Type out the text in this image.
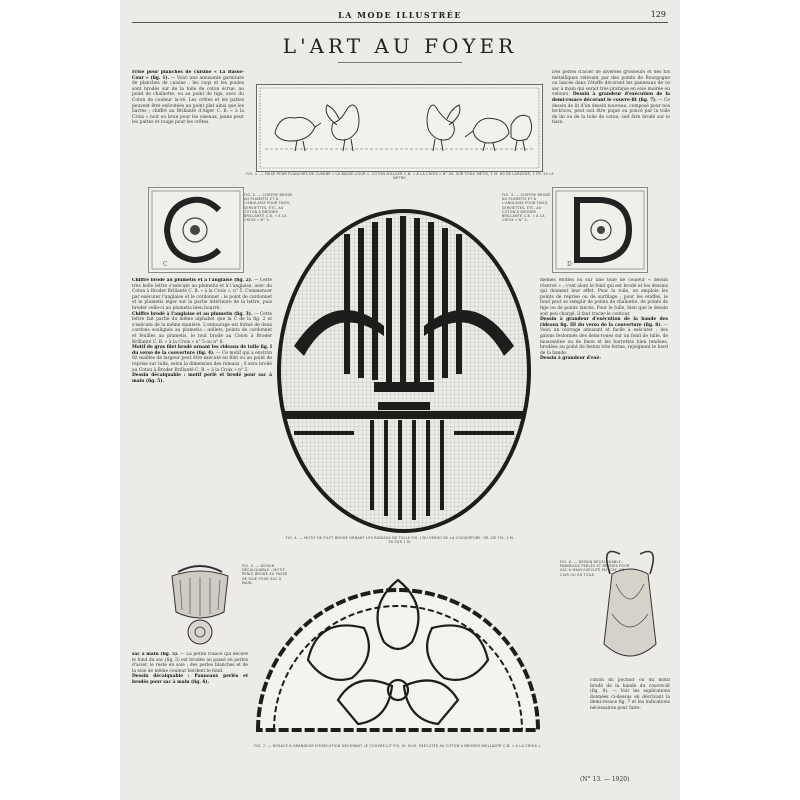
LA MODE ILLUSTRÉE	129
L'ART AU FOYER
Frise pour planches de cuisine « La Basse-Cour » (fig. 1). — Voici une amusante garniture de planches de cuisine ; les coqs et les poules sont brodés sur de la toile de coton écrue, au point de chaînette, ou au point de tige, avec du Coton de couleur la-vé. Les crêtes et les pattes peuvent être exécutées au point plat ainsi que les barres ; chiffré au Brillanté d'Alger C. B. « à la Croix » noir ou brun pour les oiseaux, jaune pour les pattes et rouge pour les crêtes.
Des perles d'acier de diverses grosseurs et des fils métalliques relevant par des points de Bourgogne ou lancés dans l'étoffe décorent les panneaux de ce sac à main qui serait très pratique en soie moirée ou velours. Dessin à grandeur d'exécution de la demi-rosace décorant le couvre-lit (fig. 7). — Ce dessin de lit d'un dessin nouveau, composé pour nos lectrices, peut soit être piqué ou poncé par la toile de lin ou de la toile de coton, soit être brodé sur le tissu.
FIG. 1. — FRISE POUR PLANCHES DE CUISINE « LA BASSE-COUR ». COTON D'ALGER C.B. « À LA CROIX » N° 40. SUR TOILE MÉTIS, 1 M. 60 DE LARGEUR, 1 FR. 50 LE MÈTRE.
C
FIG. 2. — CHIFFRE BRODÉ AU PLUMETIS ET À L'ANGLAISE POUR TAIES, SERVIETTES, ETC. AU COTON À BRODER BRILLANTÉ C.B. « À LA CROIX » N° 5.
D
FIG. 3. — CHIFFRE BRODÉ AU PLUMETIS ET À L'ANGLAISE POUR TAIES, SERVIETTES, ETC. AU COTON À BRODER BRILLANTÉ C.B. « À LA CROIX » N° 5.
Chiffre brodé au plumetis et à l'anglaise (fig. 2). — Cette très belle lettre s'exécute au plumetis et à l'anglaise, avec du Coton à Broder Brillanté C. B. « à la Croix », n° 5. Commencer par exécuter l'anglaise et le cordonnet ; le point de cordonnet et le plumetis léger sur la partie intérieure de la lettre, puis broder celle-ci au plumetis bien bourré.
Chiffre brodé à l'anglaise et au plumetis (fig. 3). — Cette lettre fait partie du même alphabet que la C de la fig. 2 et s'exécute de la même manière. L'entourage est formé de deux cordons soulignés au plumetis : œillets, points de cordonnet et feuilles au plumetis, le tout brodé au Coton à Broder Brillanté C. B. « à la Croix » n° 5 ou n° 6.
Motif de gros filet brodé ornant les rideaux de tulle fig. I du verso de la couverture (fig. 4). — Ce motif qui a environ 92 mailles de largeur peut être exécuté en filet ou au point de reprise sur tulle, selon la dimension des rideaux ; il sera brodé au Coton à Broder Brillanté C. B. « à la Croix » n° 5.
Dessin décalquable : motif perlé et brodé pour sac à main (fig. 5).
FIG. 4. — MOTIF DE FILET BRODÉ ORNANT LES RIDEAUX DE TULLE FIG. I DU VERSO DE LA COUVERTURE. GR. DE FIG. 1 M. 50 SUR 1 M.
mêmes étoffes ou sur une toile de couleur « dessin réservé » ; c'est alors le fond qui est brodé et les dessins qui donnent leur effet. Pour la toile, on emploie les points de reprise ou de surfilage ; pour les étoffes, le fond peut se remplir de points de chaînette, de points de tige ou de points lancés. Pour le tulle, bien que le dessin soit peu chargé, il faut tracer le contour.
Dessin à grandeur d'exécution de la bande des rideaux fig. III du verso de la couverture (fig. 8). — Voici un ouvrage amusant et facile à exécuter ; des galons festonnés des demi-roues sur un fond de tulle, de mousseline ou de linon et les barrettes bien tendues, brodées au point de feston très ferme, rejoignent le bord de la bande.
Dessin à grandeur d'exé-
FIG. 5. — DESSIN DÉCALQUABLE : MOTIF PERLÉ BRODÉ AU PASSÉ DE SOIE POUR SAC À MAIN.
FIG. 7. — ROSACE À GRANDEUR D'EXÉCUTION DÉCORANT LE COUVRE-LIT FIG. III. ÉLIX. EXÉCUTÉE AU COTON À BRODER BRILLANTÉ C.B. « À LA CROIX ».
FIG. 6. — DESSIN DÉCALQUABLE : PANNEAUX PERLÉS ET BRODÉS POUR SAC À MAIN EXÉCUTÉ EN SOIE, EN CUIR OU EN TOILE.
sac à main (fig. 5). — La petite rosace qui décore le fond du sac (fig. 5) est brodée au passé en perles d'acier, le reste en soie ; des perles blanches et de la soie de même couleur bordent le fond.
Dessin décalquable : Panneaux perlés et brodés pour sac à main (fig. 6).	cution du pochoir ou du motif brodé de la bande du couvre-lit (fig. 9). — Voir les explications données ci-dessus en décrivant la demi-rosace fig. 7 et les indications nécessaires pour faire.
(N° 13. — 1920)
